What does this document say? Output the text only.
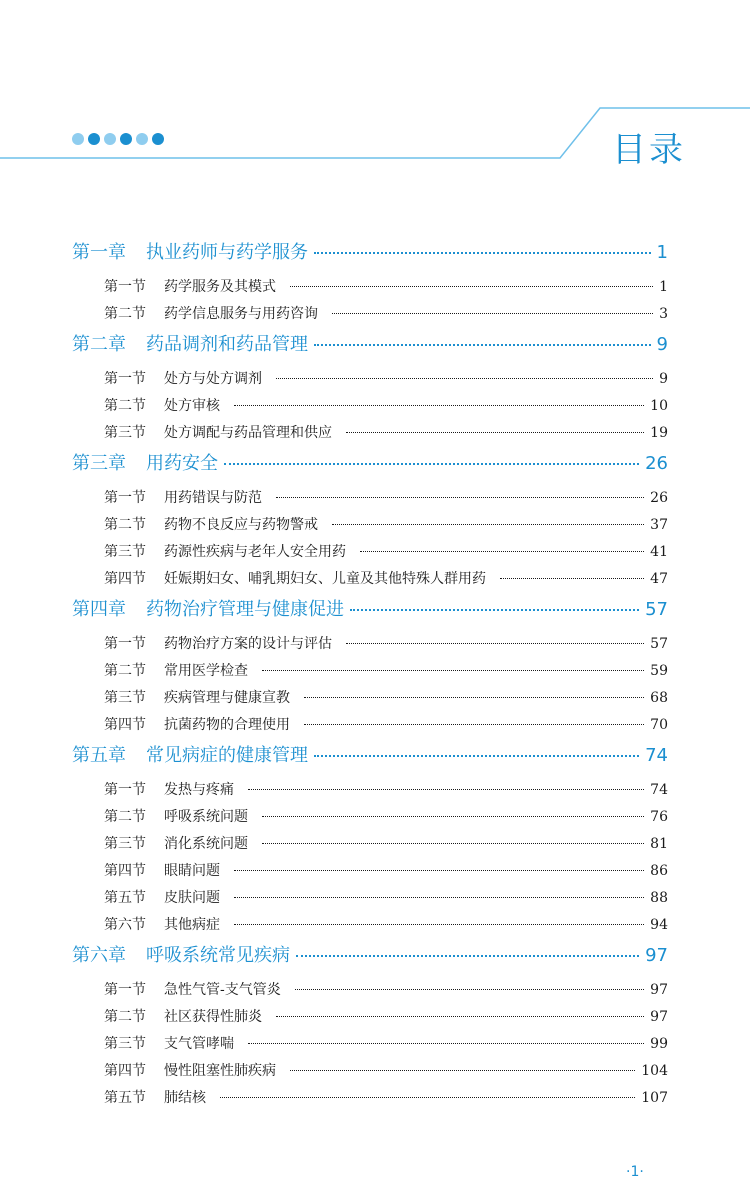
目录
第一章 执业药师与药学服务	1
第一节 药学服务及其模式	1
第二节 药学信息服务与用药咨询	3
第二章 药品调剂和药品管理	9
第一节 处方与处方调剂	9
第二节 处方审核	10
第三节 处方调配与药品管理和供应	19
第三章 用药安全	26
第一节 用药错误与防范	26
第二节 药物不良反应与药物警戒	37
第三节 药源性疾病与老年人安全用药	41
第四节 妊娠期妇女、哺乳期妇女、儿童及其他特殊人群用药	47
第四章 药物治疗管理与健康促进	57
第一节 药物治疗方案的设计与评估	57
第二节 常用医学检查	59
第三节 疾病管理与健康宣教	68
第四节 抗菌药物的合理使用	70
第五章 常见病症的健康管理	74
第一节 发热与疼痛	74
第二节 呼吸系统问题	76
第三节 消化系统问题	81
第四节 眼睛问题	86
第五节 皮肤问题	88
第六节 其他病症	94
第六章 呼吸系统常见疾病	97
第一节 急性气管-支气管炎	97
第二节 社区获得性肺炎	97
第三节 支气管哮喘	99
第四节 慢性阻塞性肺疾病	104
第五节 肺结核	107
·1·
